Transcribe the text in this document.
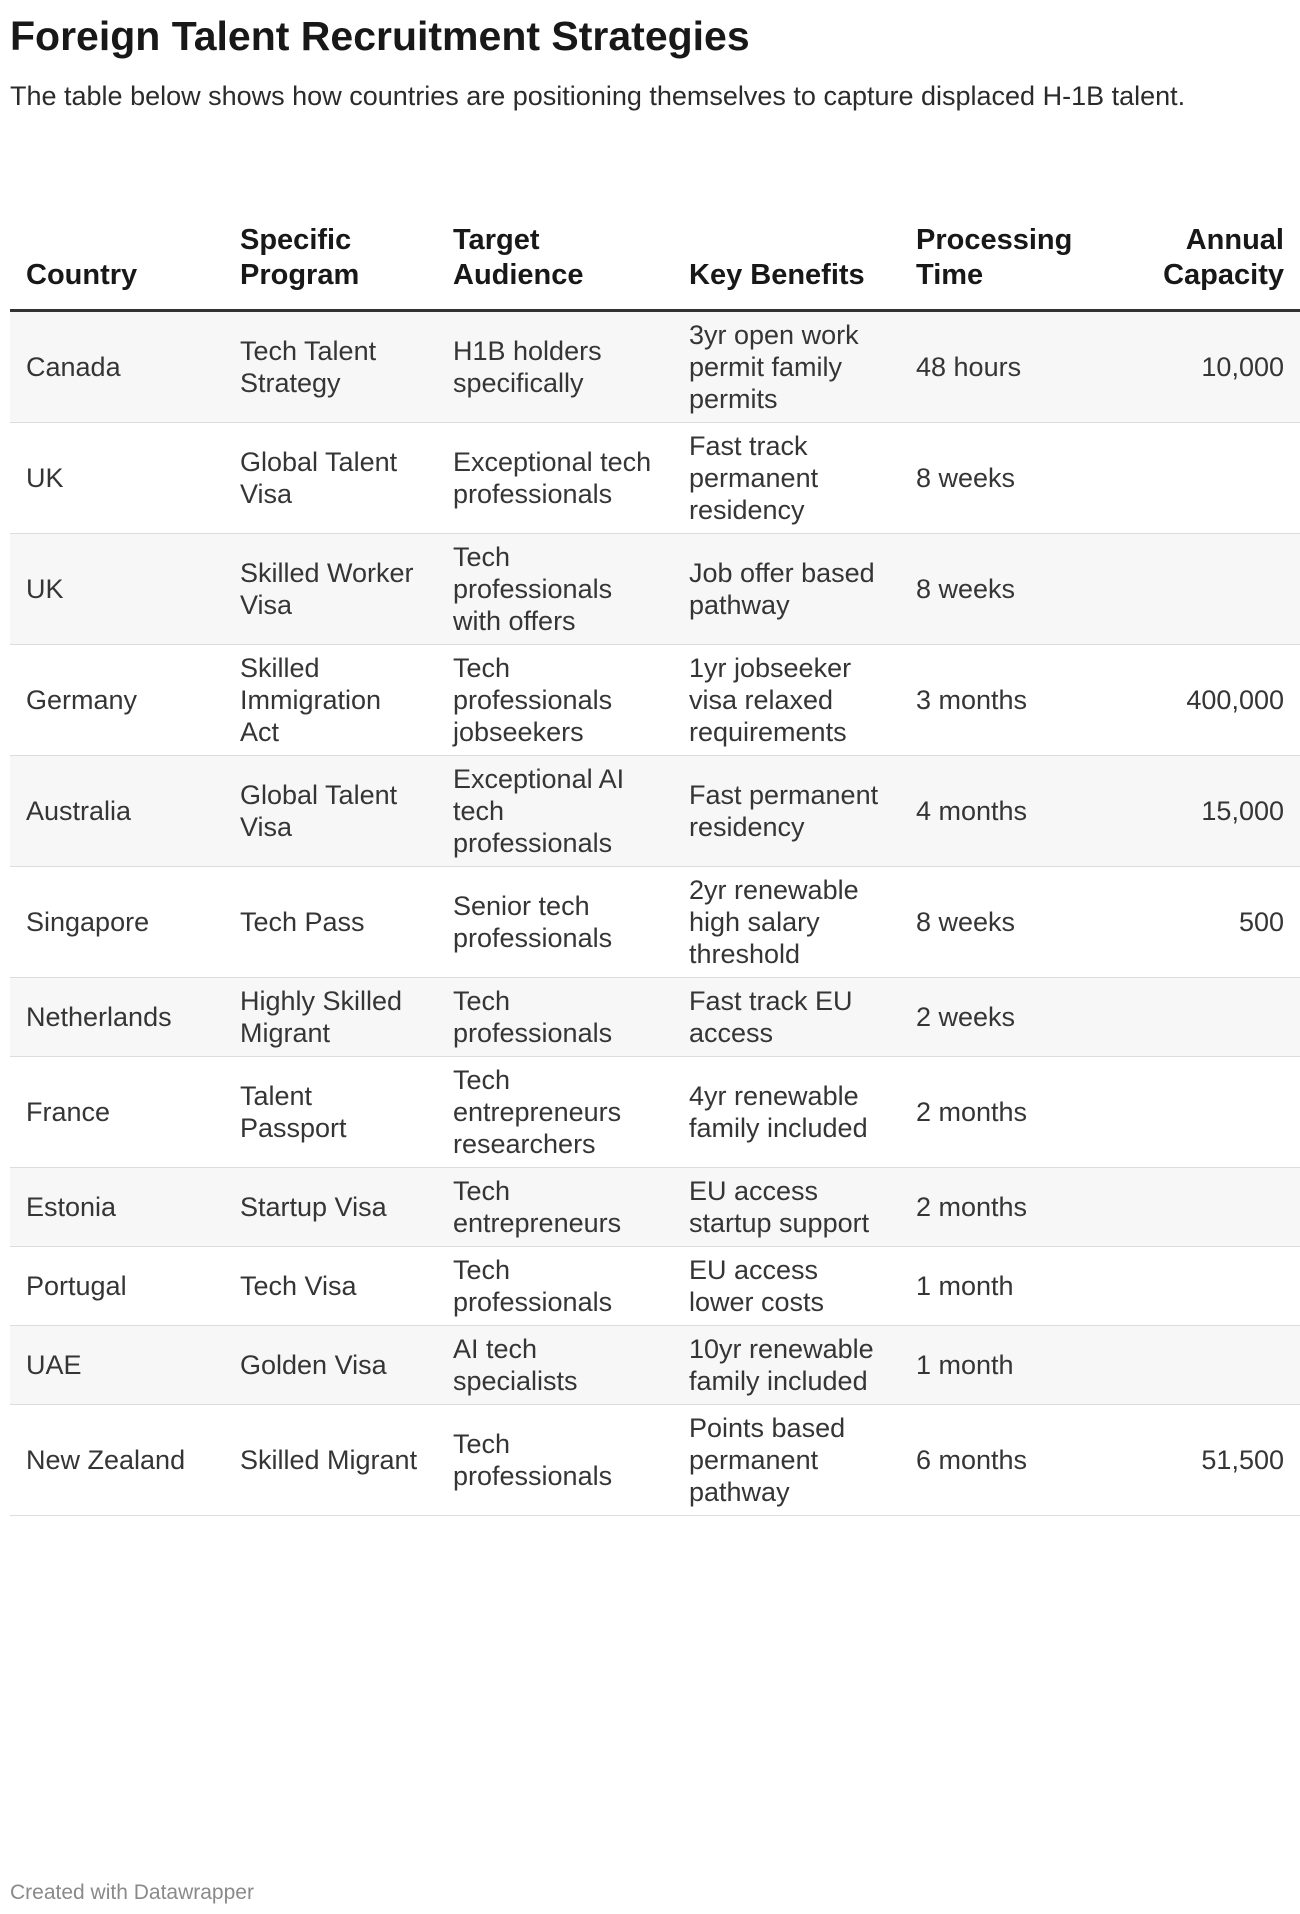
Foreign Talent Recruitment Strategies

The table below shows how countries are positioning themselves to capture displaced H-1B talent.

Country	Specific Program	Target Audience	Key Benefits	Processing Time	Annual Capacity
Canada	Tech Talent Strategy	H1B holders specifically	3yr open work permit family permits	48 hours	10,000
UK	Global Talent Visa	Exceptional tech professionals	Fast track permanent residency	8 weeks	
UK	Skilled Worker Visa	Tech professionals with offers	Job offer based pathway	8 weeks	
Germany	Skilled Immigration Act	Tech professionals jobseekers	1yr jobseeker visa relaxed requirements	3 months	400,000
Australia	Global Talent Visa	Exceptional AI tech professionals	Fast permanent residency	4 months	15,000
Singapore	Tech Pass	Senior tech professionals	2yr renewable high salary threshold	8 weeks	500
Netherlands	Highly Skilled Migrant	Tech professionals	Fast track EU access	2 weeks	
France	Talent Passport	Tech entrepreneurs researchers	4yr renewable family included	2 months	
Estonia	Startup Visa	Tech entrepreneurs	EU access startup support	2 months	
Portugal	Tech Visa	Tech professionals	EU access lower costs	1 month	
UAE	Golden Visa	AI tech specialists	10yr renewable family included	1 month	
New Zealand	Skilled Migrant	Tech professionals	Points based permanent pathway	6 months	51,500
Created with Datawrapper
